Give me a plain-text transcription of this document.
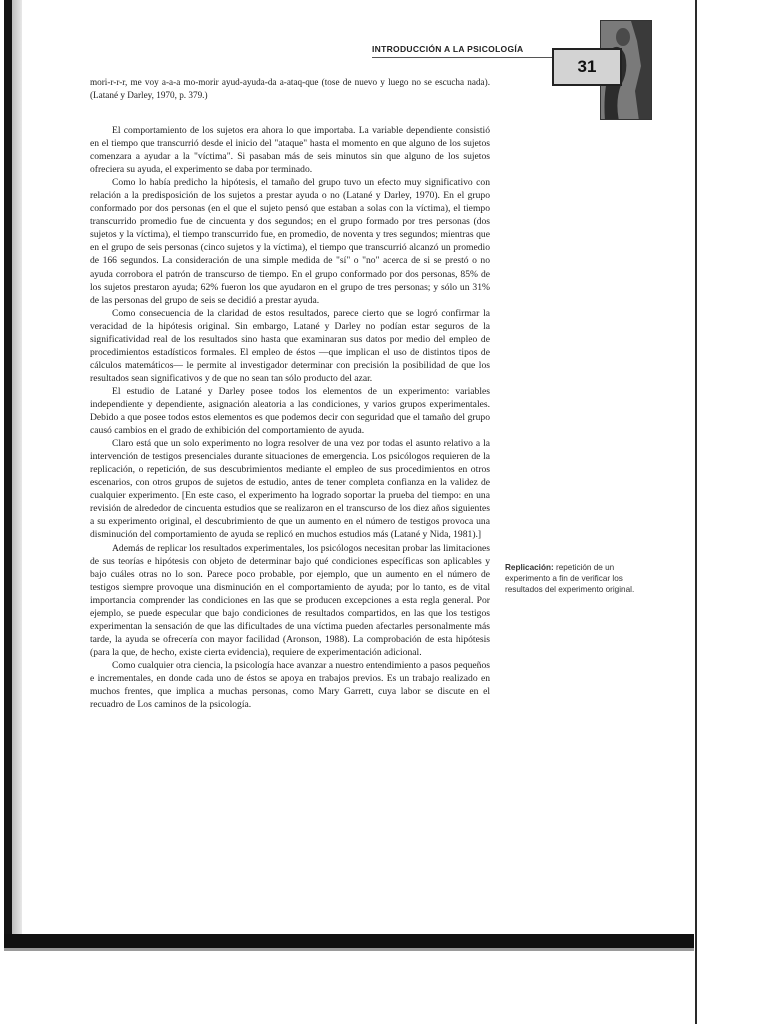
INTRODUCCIÓN A LA PSICOLOGÍA
31

mori-r-r-r, me voy a-a-a mo-morir ayud-ayuda-da a-ataq-que (tose de nuevo y luego no se escucha nada). (Latané y Darley, 1970, p. 379.)

El comportamiento de los sujetos era ahora lo que importaba. La variable dependiente consistió en el tiempo que transcurrió desde el inicio del "ataque" hasta el momento en que alguno de los sujetos comenzara a ayudar a la "víctima". Si pasaban más de seis minutos sin que alguno de los sujetos ofreciera su ayuda, el experimento se daba por terminado.

Como lo había predicho la hipótesis, el tamaño del grupo tuvo un efecto muy significativo con relación a la predisposición de los sujetos a prestar ayuda o no (Latané y Darley, 1970). En el grupo conformado por dos personas (en el que el sujeto pensó que estaban a solas con la víctima), el tiempo transcurrido promedio fue de cincuenta y dos segundos; en el grupo formado por tres personas (dos sujetos y la víctima), el tiempo transcurrido fue, en promedio, de noventa y tres segundos; mientras que en el grupo de seis personas (cinco sujetos y la víctima), el tiempo que transcurrió alcanzó un promedio de 166 segundos. La consideración de una simple medida de "sí" o "no" acerca de si se prestó o no ayuda corrobora el patrón de transcurso de tiempo. En el grupo conformado por dos personas, 85% de los sujetos prestaron ayuda; 62% fueron los que ayudaron en el grupo de tres personas; y sólo un 31% de las personas del grupo de seis se decidió a prestar ayuda.

Como consecuencia de la claridad de estos resultados, parece cierto que se logró confirmar la veracidad de la hipótesis original. Sin embargo, Latané y Darley no podían estar seguros de la significatividad real de los resultados sino hasta que examinaran sus datos por medio del empleo de procedimientos estadísticos formales. El empleo de éstos —que implican el uso de distintos tipos de cálculos matemáticos— le permite al investigador determinar con precisión la posibilidad de que los resultados sean significativos y de que no sean tan sólo producto del azar.

El estudio de Latané y Darley posee todos los elementos de un experimento: variables independiente y dependiente, asignación aleatoria a las condiciones, y varios grupos experimentales. Debido a que posee todos estos elementos es que podemos decir con seguridad que el tamaño del grupo causó cambios en el grado de exhibición del comportamiento de ayuda.

Claro está que un solo experimento no logra resolver de una vez por todas el asunto relativo a la intervención de testigos presenciales durante situaciones de emergencia. Los psicólogos requieren de la replicación, o repetición, de sus descubrimientos mediante el empleo de sus procedimientos en otros escenarios, con otros grupos de sujetos de estudio, antes de tener completa confianza en la validez de cualquier experimento. [En este caso, el experimento ha logrado soportar la prueba del tiempo: en una revisión de alrededor de cincuenta estudios que se realizaron en el transcurso de los diez años siguientes a su experimento original, el descubrimiento de que un aumento en el número de testigos provoca una disminución del comportamiento de ayuda se replicó en muchos estudios más (Latané y Nida, 1981).]

Además de replicar los resultados experimentales, los psicólogos necesitan probar las limitaciones de sus teorías e hipótesis con objeto de determinar bajo qué condiciones específicas son aplicables y bajo cuáles otras no lo son. Parece poco probable, por ejemplo, que un aumento en el número de testigos siempre provoque una disminución en el comportamiento de ayuda; por lo tanto, es de vital importancia comprender las condiciones en las que se producen excepciones a esta regla general. Por ejemplo, se puede especular que bajo condiciones de resultados compartidos, en las que los testigos experimentan la sensación de que las dificultades de una víctima pueden afectarles personalmente más tarde, la ayuda se ofrecería con mayor facilidad (Aronson, 1988). La comprobación de esta hipótesis (para la que, de hecho, existe cierta evidencia), requiere de experimentación adicional.

Como cualquier otra ciencia, la psicología hace avanzar a nuestro entendimiento a pasos pequeños e incrementales, en donde cada uno de éstos se apoya en trabajos previos. Es un trabajo realizado en muchos frentes, que implica a muchas personas, como Mary Garrett, cuya labor se discute en el recuadro de Los caminos de la psicología.

Replicación: repetición de un experimento a fin de verificar los resultados del experimento original.
